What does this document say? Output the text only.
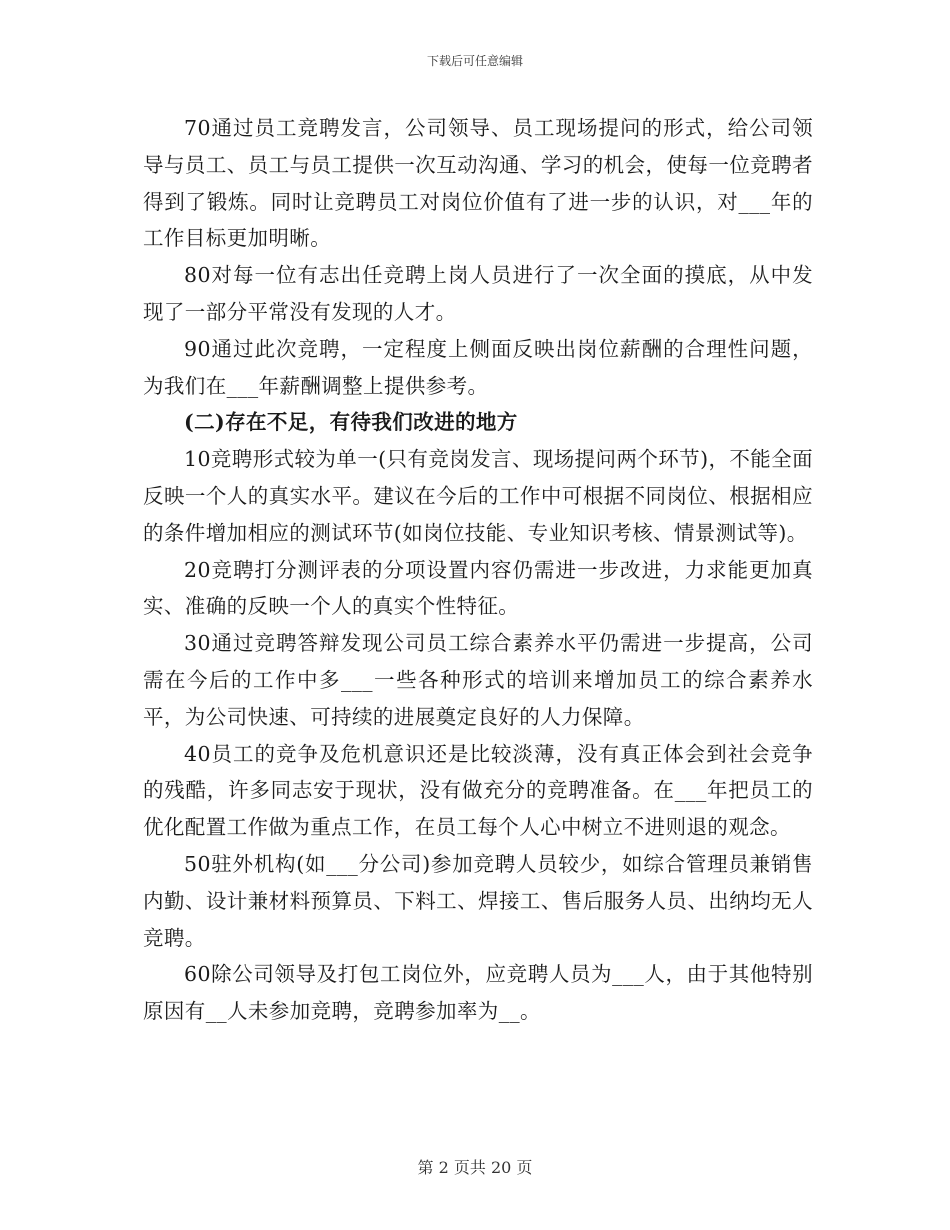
下载后可任意编辑

70通过员工竞聘发言，公司领导、员工现场提问的形式，给公司领导与员工、员工与员工提供一次互动沟通、学习的机会，使每一位竞聘者得到了锻炼。同时让竞聘员工对岗位价值有了进一步的认识，对___年的工作目标更加明晰。

80对每一位有志出任竞聘上岗人员进行了一次全面的摸底，从中发现了一部分平常没有发现的人才。

90通过此次竞聘，一定程度上侧面反映出岗位薪酬的合理性问题，为我们在___年薪酬调整上提供参考。

(二)存在不足，有待我们改进的地方

10竞聘形式较为单一(只有竞岗发言、现场提问两个环节)，不能全面反映一个人的真实水平。建议在今后的工作中可根据不同岗位、根据相应的条件增加相应的测试环节(如岗位技能、专业知识考核、情景测试等)。

20竞聘打分测评表的分项设置内容仍需进一步改进，力求能更加真实、准确的反映一个人的真实个性特征。

30通过竞聘答辩发现公司员工综合素养水平仍需进一步提高，公司需在今后的工作中多___一些各种形式的培训来增加员工的综合素养水平，为公司快速、可持续的进展奠定良好的人力保障。

40员工的竞争及危机意识还是比较淡薄，没有真正体会到社会竞争的残酷，许多同志安于现状，没有做充分的竞聘准备。在___年把员工的优化配置工作做为重点工作，在员工每个人心中树立不进则退的观念。

50驻外机构(如___分公司)参加竞聘人员较少，如综合管理员兼销售内勤、设计兼材料预算员、下料工、焊接工、售后服务人员、出纳均无人竞聘。

60除公司领导及打包工岗位外，应竞聘人员为___人，由于其他特别原因有__人未参加竞聘，竞聘参加率为__。

第 2 页共 20 页
